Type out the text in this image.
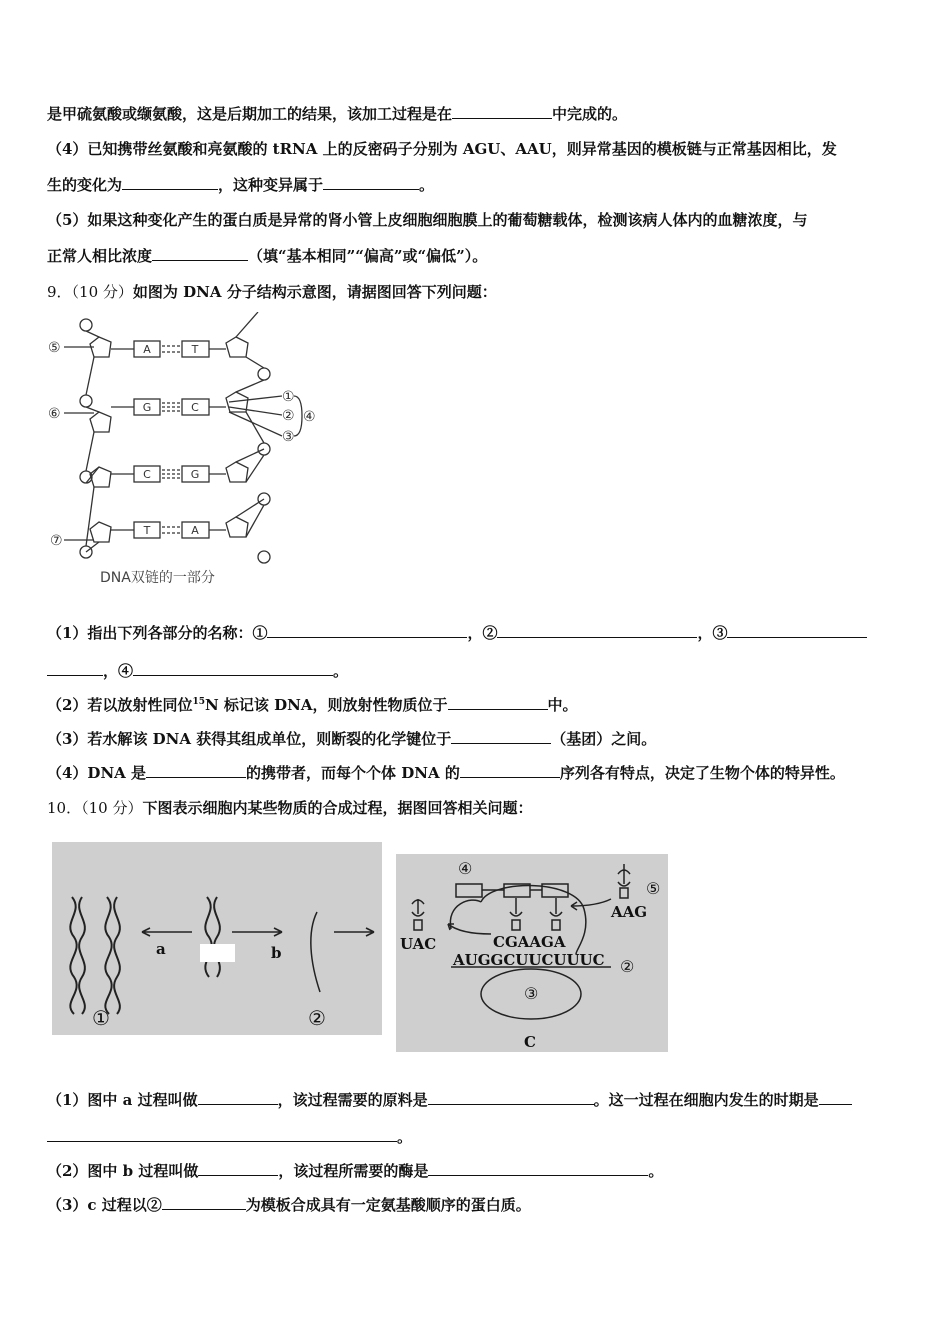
是甲硫氨酸或缬氨酸，这是后期加工的结果，该加工过程是在	中完成的。
（4）已知携带丝氨酸和亮氨酸的 tRNA 上的反密码子分别为 AGU、AAU，则异常基因的模板链与正常基因相比，发
生的变化为	，这种变异属于	。
（5）如果这种变化产生的蛋白质是异常的肾小管上皮细胞细胞膜上的葡萄糖载体，检测该病人体内的血糖浓度，与
正常人相比浓度	（填“基本相同”“偏高”或“偏低”）。
9．（10 分）如图为 DNA 分子结构示意图，请据图回答下列问题：
A	T
G	C
C	G
T	A
⑤
⑥
⑦
①
②
③
④
DNA双链的一部分
（1）指出下列各部分的名称：①	，②	，③
，④	。
（2）若以放射性同位$^{15}$N 标记该 DNA，则放射性物质位于	中。
（3）若水解该 DNA 获得其组成单位，则断裂的化学键位于	（基团）之间。
（4）DNA 是	的携带者，而每个个体 DNA 的	序列各有特点，决定了生物个体的特异性。
10．（10 分）下图表示细胞内某些物质的合成过程，据图回答相关问题：
a	b
①	②
④
⑤
②
③
UAC
AAG
CGAAGA
AUGGCUUCUUUC
C
（1）图中 a 过程叫做	，该过程需要的原料是	。这一过程在细胞内发生的时期是
。
（2）图中 b 过程叫做	，该过程所需要的酶是	。
（3）c 过程以②	为模板合成具有一定氨基酸顺序的蛋白质。
